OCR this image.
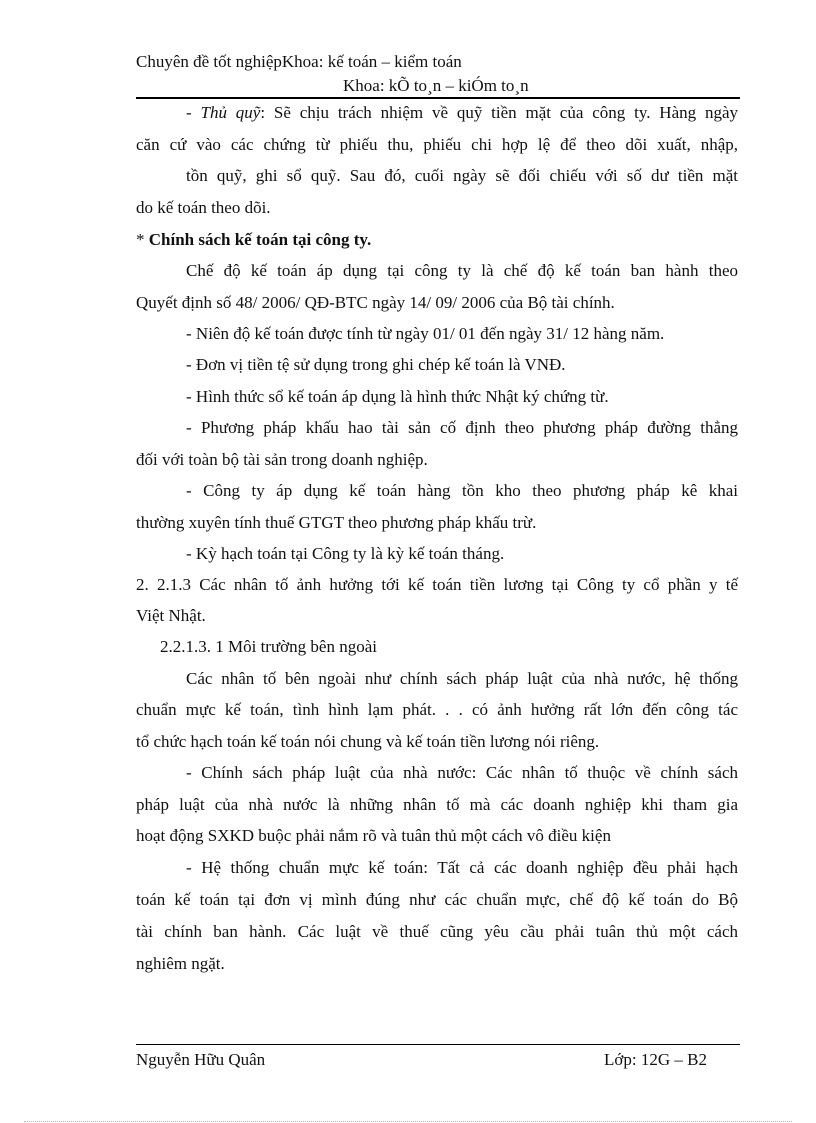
Chuyên đề tốt nghiệpKhoa: kế toán – kiểm toán
Khoa: kÕ to¸n – kiÓm to¸n
- Thủ quỹ: Sẽ chịu trách nhiệm về quỹ tiền mặt của công ty. Hàng ngày
căn cứ vào các chứng từ phiếu thu, phiếu chi hợp lệ để theo dõi xuất, nhập,
tồn quỹ, ghi sổ quỹ. Sau đó, cuối ngày sẽ đối chiếu với số dư tiền mặt
do kế toán theo dõi.
* Chính sách kế toán tại công ty.
Chế độ kế toán áp dụng tại công ty là chế độ kế toán ban hành theo
Quyết định số 48/ 2006/ QĐ-BTC ngày 14/ 09/ 2006 của Bộ tài chính.
- Niên độ kế toán được tính từ ngày 01/ 01 đến ngày 31/ 12 hàng năm.
- Đơn vị tiền tệ sử dụng trong ghi chép kế toán là VNĐ.
- Hình thức sổ kế toán áp dụng là hình thức Nhật ký chứng từ.
- Phương pháp khấu hao tài sản cố định theo phương pháp đường thẳng
đối với toàn bộ tài sản trong doanh nghiệp.
- Công ty áp dụng kế toán hàng tồn kho theo phương pháp kê khai
thường xuyên tính thuế GTGT theo phương pháp khấu trừ.
- Kỳ hạch toán tại Công ty là kỳ kế toán tháng.
2. 2.1.3 Các nhân tố ảnh hưởng tới kế toán tiền lương tại Công ty cổ phần y tế
Việt Nhật.
2.2.1.3. 1 Môi trường bên ngoài
Các nhân tố bên ngoài như chính sách pháp luật của nhà nước, hệ thống
chuẩn mực kế toán, tình hình lạm phát. . . có ảnh hưởng rất lớn đến công tác
tổ chức hạch toán kế toán nói chung và kế toán tiền lương nói riêng.
- Chính sách pháp luật của nhà nước: Các nhân tố thuộc về chính sách
pháp luật của nhà nước là những nhân tố mà các doanh nghiệp khi tham gia
hoạt động SXKD buộc phải nắm rõ và tuân thủ một cách vô điều kiện
- Hệ thống chuẩn mực kế toán: Tất cả các doanh nghiệp đều phải hạch
toán kế toán tại đơn vị mình đúng như các chuẩn mực, chế độ kế toán do Bộ
tài chính ban hành. Các luật về thuế cũng yêu cầu phải tuân thủ một cách
nghiêm ngặt.
Nguyễn Hữu Quân	Lớp: 12G – B2
